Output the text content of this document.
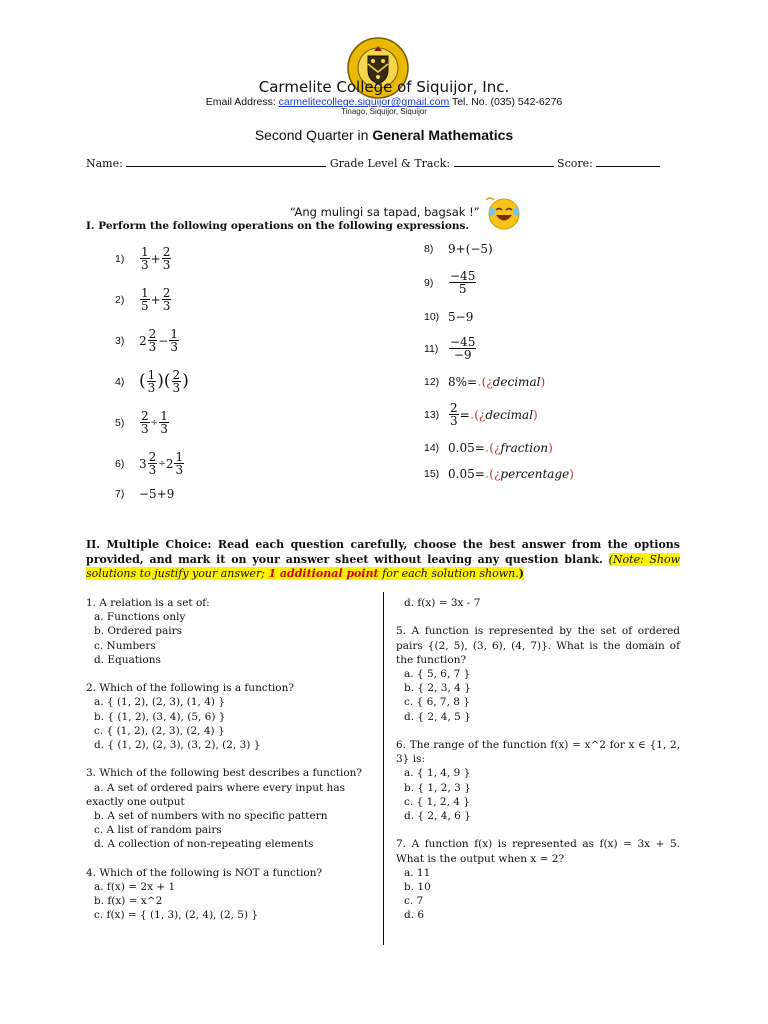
Carmelite College of Siquijor, Inc.
Email Address: carmelitecollege.siquijor@gmail.com Tel. No. (035) 542-6276
Tinago, Siquijor, Siquijor
Second Quarter in General Mathematics
Name:	Grade Level & Track:	Score:
“Ang mulingi sa tapad, bagsak !”
I. Perform the following operations on the following expressions.
1)	$\frac{1}{3} + \frac{2}{3}$
2)	$\frac{1}{5} + \frac{2}{3}$
3)	$2 \frac{2}{3} - \frac{1}{3}$
4) ( $\frac{1}{3}$ )( $\frac{2}{3}$ )
5)	$\frac{2}{3} \div \frac{1}{3}$
6)	$3 \frac{2}{3} \div 2 \frac{1}{3}$
7)	−5+9
8)	9+(−5)
9)	$\frac{-45}{5}$
10) 5−9
$11) \frac{-45}{-9}$
12) 8%= ¸ (¿ decimal )
$13) \frac{2}{3}$ = ¸ (¿ decimal )
14) 0.05= ¸ (¿ fraction )
15) 0.05= ¸ (¿ percentage )
II. Multiple Choice: Read each question carefully, choose the best answer from the options provided, and mark it on your answer sheet without leaving any question blank. (Note: Show solutions to justify your answer; 1 additional point for each solution shown.)

1. A relation is a set of:

a. Functions only

b. Ordered pairs

c. Numbers

d. Equations

2. Which of the following is a function?

a. { (1, 2), (2, 3), (1, 4) }

b. { (1, 2), (3, 4), (5, 6) }

c. { (1, 2), (2, 3), (2, 4) }

d. { (1, 2), (2, 3), (3, 2), (2, 3) }

3. Which of the following best describes a function?

a. A set of ordered pairs where every input has exactly one output

b. A set of numbers with no specific pattern

c. A list of random pairs

d. A collection of non-repeating elements

4. Which of the following is NOT a function?

a. f(x) = 2x + 1

b. f(x) = x^2

c. f(x) = { (1, 3), (2, 4), (2, 5) }

d. f(x) = 3x - 7

5. A function is represented by the set of ordered pairs {(2, 5), (3, 6), (4, 7)}. What is the domain of the function?

a. { 5, 6, 7 }

b. { 2, 3, 4 }

c. { 6, 7, 8 }

d. { 2, 4, 5 }

6. The range of the function f(x) = x^2 for x ∈ {1, 2, 3} is:

a. { 1, 4, 9 }

b. { 1, 2, 3 }

c. { 1, 2, 4 }

d. { 2, 4, 6 }

7. A function f(x) is represented as f(x) = 3x + 5. What is the output when x = 2?

a. 11

b. 10

c. 7

d. 6
